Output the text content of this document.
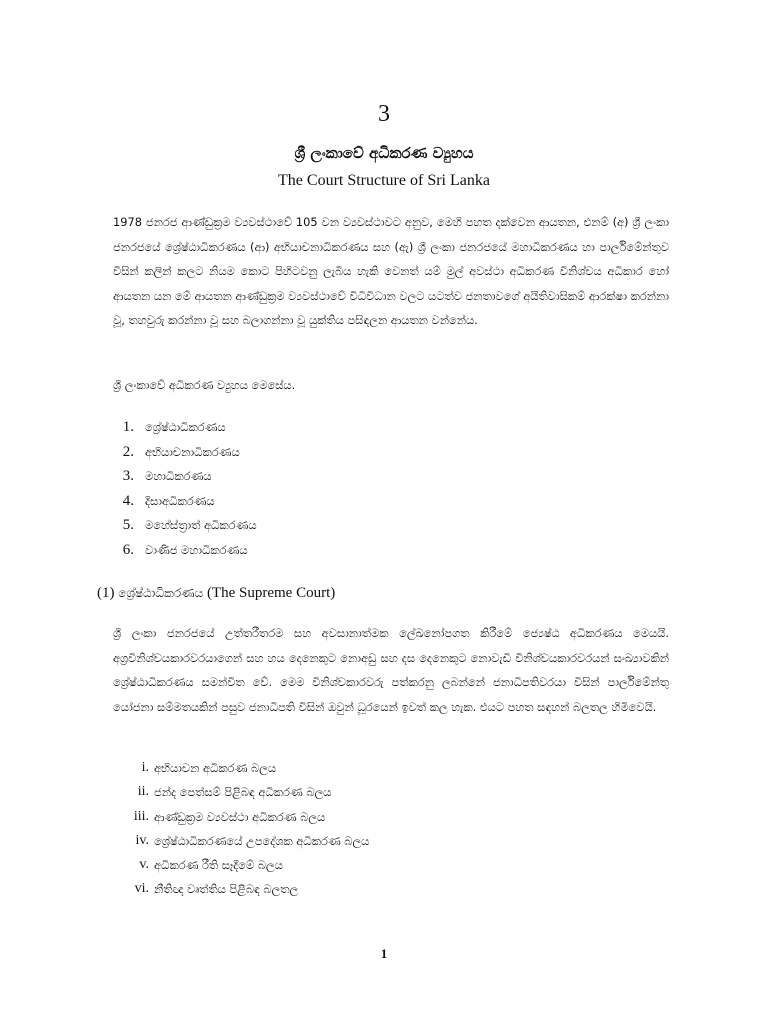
3
ශ්‍රී ලංකාවේ අධිකරණ ව්‍යුහය
The Court Structure of Sri Lanka

1978 ජනරජ ආණ්ඩුක්‍රම ව්‍යවස්ථාවේ 105 වන ව්‍යවස්ථාවට අනුව, මෙහි පහත දක්වෙන ආයතන, එනම් (අ) ශ්‍රී ලංකා ජනරජයේ ශ්‍රේෂ්ඨාධිකරණය (ආ) අභියාචනාධිකරණය සහ (ඇ) ශ්‍රී ලංකා ජනරජයේ මහාධිකරණය හා පාර්ලිමේන්තුව විසින් කලින් කලට නියම කොට පිහිටවනු ලැබිය හැකි වෙනත් යම් මුල් අවස්ථා අධිකරණ විනිශ්චය අධිකාර හෝ ආයතන යන මේ ආයතන ආණ්ඩුක්‍රම ව්‍යවස්ථාවේ විධිවිධාන වලට යටත්ව ජනතාවගේ අයිතිවාසිකම් ආරක්ෂා කරන්නා වූ, තහවුරු කරන්නා වූ සහ බලාගන්නා වූ යුක්තිය පසිඳලන ආයතන වන්නේය.

ශ්‍රී ලංකාවේ අධිකරණ ව්‍යුහය මෙසේය.

1. ශ්‍රේෂ්ඨාධිකරණය
2. අභියාචනාධිකරණය
3. මහාධිකරණය
4. දිසාඅධිකරණය
5. මහේස්ත්‍රාත් අධිකරණය
6. වාණිජ මහාධිකරණය
(1) ශ්‍රේෂ්ඨාධිකරණය (The Supreme Court)

ශ්‍රී ලංකා ජනරජයේ උත්තරීතරම සහ අවසානාත්මක ලේඛනෝපගත කිරීමේ ජ්‍යෙෂ්ඨ අධිකරණය මෙයයි. අග්‍රවිනිශ්චයකාරවරයාගෙන් සහ හය දෙනෙකුට නොඅඩු සහ දස දෙනෙකුට නොවැඩි විනිශ්චයකාරවරයන් සංඛ්‍යාවකින් ශ්‍රේෂ්ඨාධිකරණය සමන්විත වේ. මෙම විනිශ්චකාරවරු පත්කරනු ලබන්නේ ජනාධිපතිවරයා විසින් පාර්ලිමේන්තු යෝජනා සම්මතයකින් පසුව ජනාධිපති විසින් ඔවුන් ධූරයෙන් ඉවත් කල හැක. එයට පහත සඳහන් බලතල හිමිවෙයි.

i. අභියාචන අධිකරණ බලය
ii. ජන්ද පෙත්සම් පිළිබඳ අධිකරණ බලය
iii. ආණ්ඩුක්‍රම ව්‍යවස්ථා අධිකරණ බලය
iv. ශ්‍රේෂ්ඨාධිකරණයේ උපදේශක අධිකරණ බලය
v. අධිකරණ රීති සෑදීමේ බලය
vi. නීතිඥ වෘත්තිය පිළිබඳ බලතල
1
